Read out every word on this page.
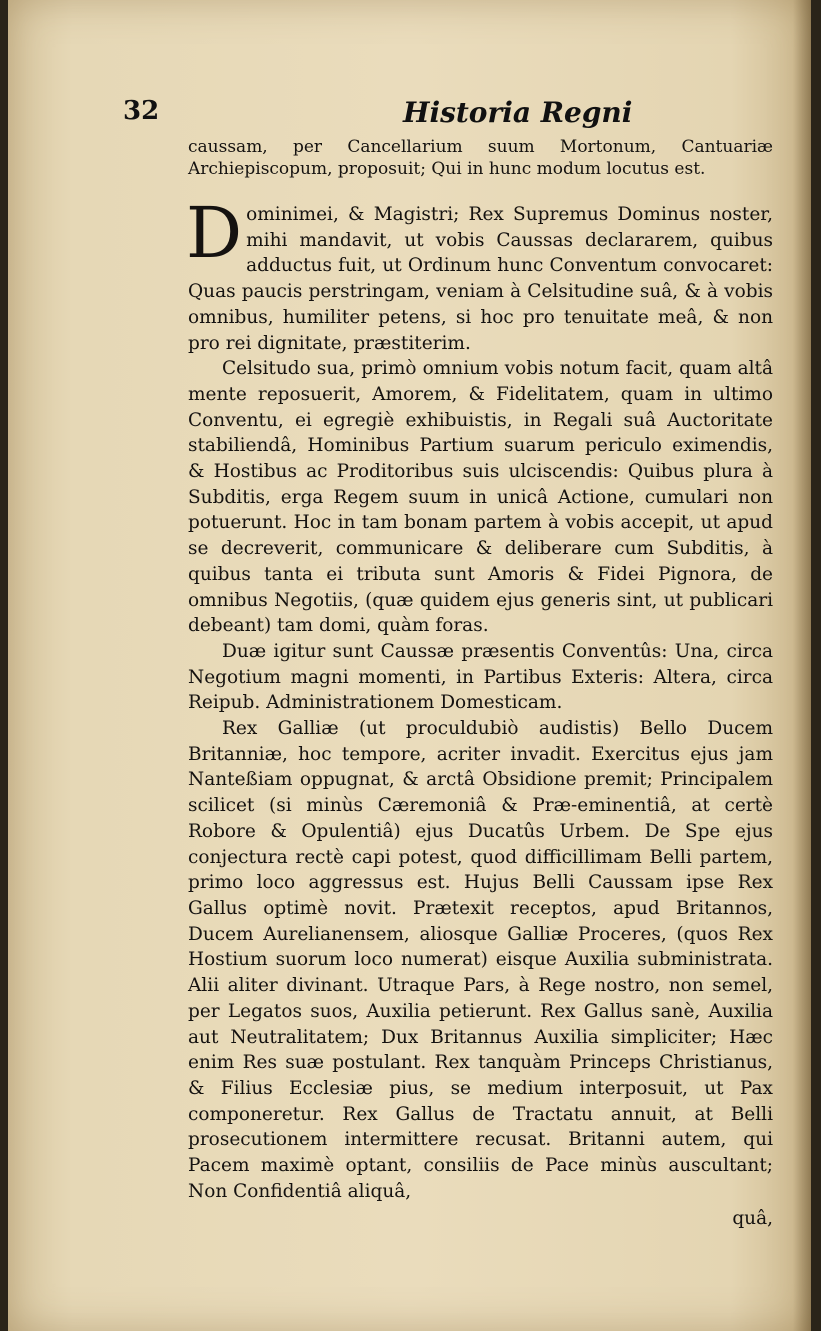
32	Historia Regni

caussam, per Cancellarium suum Mortonum, Cantuariæ Archiepiscopum, proposuit; Qui in hunc modum locutus est.

Dominimei, & Magistri; Rex Supremus Dominus noster, mihi mandavit, ut vobis Caussas declararem, quibus adductus fuit, ut Ordinum hunc Conventum convocaret: Quas paucis perstringam, veniam à Celsitudine suâ, & à vobis omnibus, humiliter petens, si hoc pro tenuitate meâ, & non pro rei dignitate, præstiterim.

Celsitudo sua, primò omnium vobis notum facit, quam altâ mente reposuerit, Amorem, & Fidelitatem, quam in ultimo Conventu, ei egregiè exhibuistis, in Regali suâ Auctoritate stabiliendâ, Hominibus Partium suarum periculo eximendis, & Hostibus ac Proditoribus suis ulciscendis: Quibus plura à Subditis, erga Regem suum in unicâ Actione, cumulari non potuerunt. Hoc in tam bonam partem à vobis accepit, ut apud se decreverit, communicare & deliberare cum Subditis, à quibus tanta ei tributa sunt Amoris & Fidei Pignora, de omnibus Negotiis, (quæ quidem ejus generis sint, ut publicari debeant) tam domi, quàm foras.

Duæ igitur sunt Caussæ præsentis Conventûs: Una, circa Negotium magni momenti, in Partibus Exteris: Altera, circa Reipub. Administrationem Domesticam.

Rex Galliæ (ut proculdubiò audistis) Bello Ducem Britanniæ, hoc tempore, acriter invadit. Exercitus ejus jam Nanteßiam oppugnat, & arctâ Obsidione premit; Principalem scilicet (si minùs Cæremoniâ & Præ-eminentiâ, at certè Robore & Opulentiâ) ejus Ducatûs Urbem. De Spe ejus conjectura rectè capi potest, quod difficillimam Belli partem, primo loco aggressus est. Hujus Belli Caussam ipse Rex Gallus optimè novit. Prætexit receptos, apud Britannos, Ducem Aurelianensem, aliosque Galliæ Proceres, (quos Rex Hostium suorum loco numerat) eisque Auxilia subministrata. Alii aliter divinant. Utraque Pars, à Rege nostro, non semel, per Legatos suos, Auxilia petierunt. Rex Gallus sanè, Auxilia aut Neutralitatem; Dux Britannus Auxilia simpliciter; Hæc enim Res suæ postulant. Rex tanquàm Princeps Christianus, & Filius Ecclesiæ pius, se medium interposuit, ut Pax componeretur. Rex Gallus de Tractatu annuit, at Belli prosecutionem intermittere recusat. Britanni autem, qui Pacem maximè optant, consiliis de Pace minùs auscultant; Non Confidentiâ aliquâ,

quâ,
